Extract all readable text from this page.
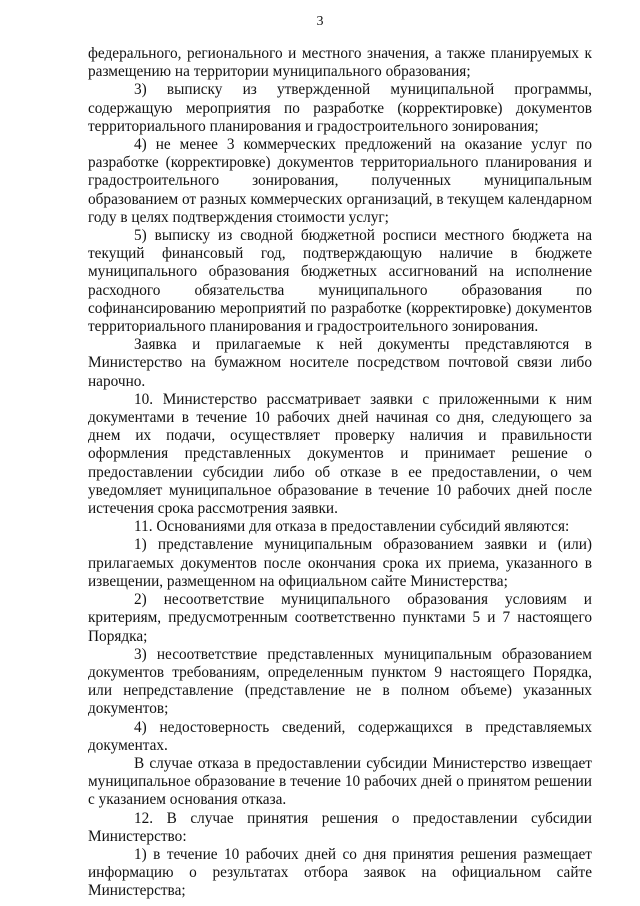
3

федерального, регионального и местного значения, а также планируемых к размещению на территории муниципального образования;

3) выписку из утвержденной муниципальной программы, содержащую мероприятия по разработке (корректировке) документов территориального планирования и градостроительного зонирования;

4) не менее 3 коммерческих предложений на оказание услуг по разработке (корректировке) документов территориального планирования и градостроительного зонирования, полученных муниципальным образованием от разных коммерческих организаций, в текущем календарном году в целях подтверждения стоимости услуг;

5) выписку из сводной бюджетной росписи местного бюджета на текущий финансовый год, подтверждающую наличие в бюджете муниципального образования бюджетных ассигнований на исполнение расходного обязательства муниципального образования по софинансированию мероприятий по разработке (корректировке) документов территориального планирования и градостроительного зонирования.

Заявка и прилагаемые к ней документы представляются в Министерство на бумажном носителе посредством почтовой связи либо нарочно.

10. Министерство рассматривает заявки с приложенными к ним документами в течение 10 рабочих дней начиная со дня, следующего за днем их подачи, осуществляет проверку наличия и правильности оформления представленных документов и принимает решение о предоставлении субсидии либо об отказе в ее предоставлении, о чем уведомляет муниципальное образование в течение 10 рабочих дней после истечения срока рассмотрения заявки.

11. Основаниями для отказа в предоставлении субсидий являются:

1) представление муниципальным образованием заявки и (или) прилагаемых документов после окончания срока их приема, указанного в извещении, размещенном на официальном сайте Министерства;

2) несоответствие муниципального образования условиям и критериям, предусмотренным соответственно пунктами 5 и 7 настоящего Порядка;

3) несоответствие представленных муниципальным образованием документов требованиям, определенным пунктом 9 настоящего Порядка, или непредставление (представление не в полном объеме) указанных документов;

4) недостоверность сведений, содержащихся в представляемых документах.

В случае отказа в предоставлении субсидии Министерство извещает муниципальное образование в течение 10 рабочих дней о принятом решении с указанием основания отказа.

12. В случае принятия решения о предоставлении субсидии Министерство:

1) в течение 10 рабочих дней со дня принятия решения размещает информацию о результатах отбора заявок на официальном сайте Министерства;
